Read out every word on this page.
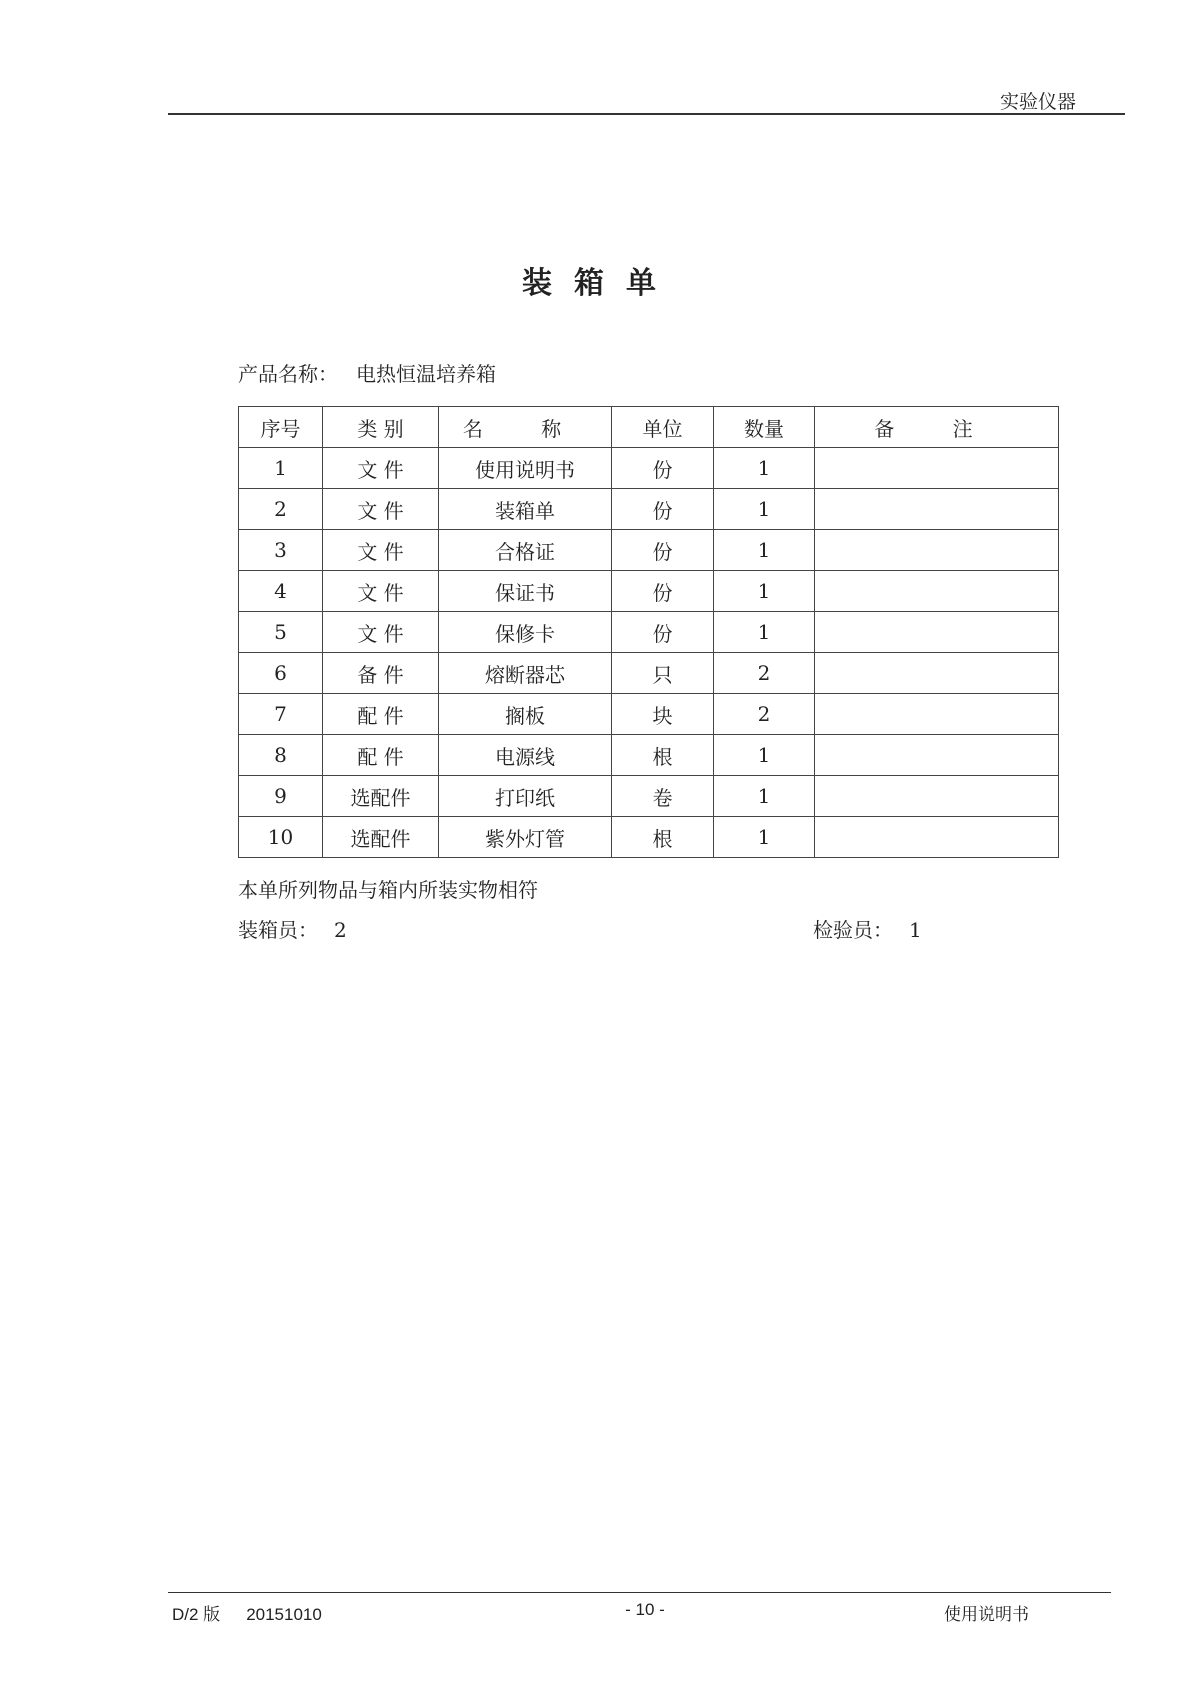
实验仪器
装箱单
产品名称： 电热恒温培养箱
序号	类 别	名 称	单位	数量	备 注
1	文 件	使用说明书	份	1	
2	文 件	装箱单	份	1	
3	文 件	合格证	份	1	
4	文 件	保证书	份	1	
5	文 件	保修卡	份	1	
6	备 件	熔断器芯	只	2	
7	配 件	搁板	块	2	
8	配 件	电源线	根	1	
9	选配件	打印纸	卷	1	
10	选配件	紫外灯管	根	1	
本单所列物品与箱内所装实物相符
装箱员： 2	检验员： 1
D/2 版 20151010	- 10 -	使用说明书
